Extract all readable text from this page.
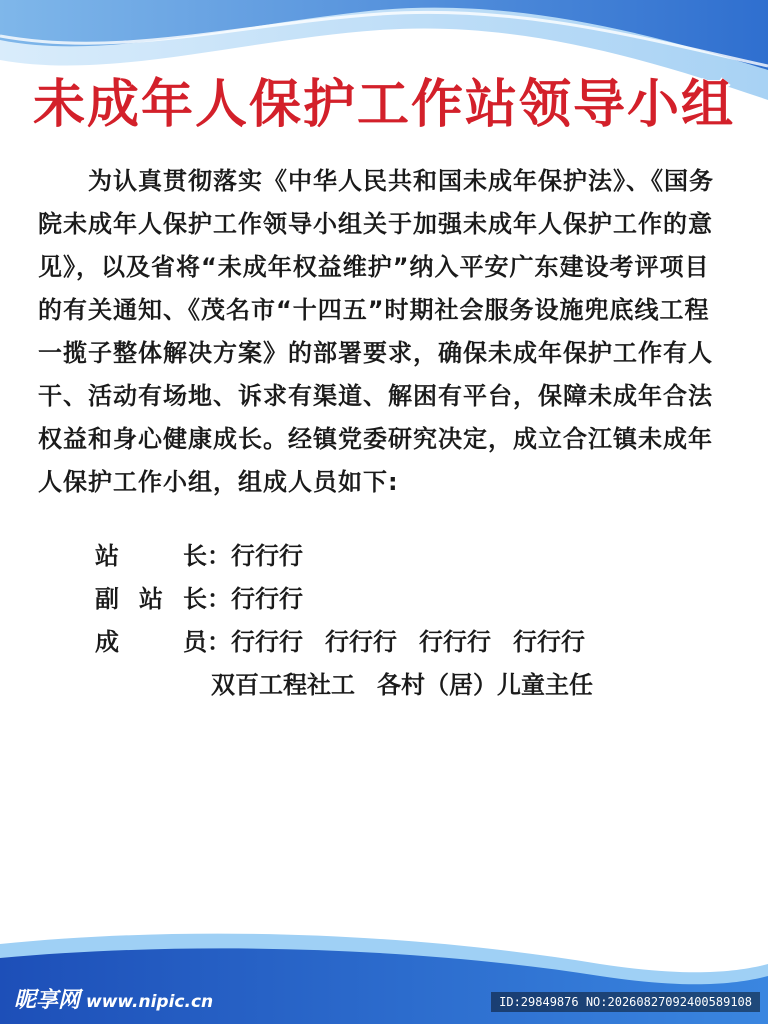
未成年人保护工作站领导小组

　　为认真贯彻落实《中华人民共和国未成年保护法》、《国务院未成年人保护工作领导小组关于加强未成年人保护工作的意见》，以及省将“未成年权益维护”纳入平安广东建设考评项目的有关通知、《茂名市“十四五”时期社会服务设施兜底线工程一揽子整体解决方案》的部署要求，确保未成年保护工作有人干、活动有场地、诉求有渠道、解困有平台，保障未成年合法权益和身心健康成长。经镇党委研究决定，成立合江镇未成年人保护工作小组，组成人员如下:

站	长 ： 行行行
副 站 长 ： 行行行
成	员 ： 行行行 行行行 行行行 行行行
双百工程社工 各村（居）儿童主任
昵享网 www.nipic.cn	ID:29849876 NO:20260827092400589108
